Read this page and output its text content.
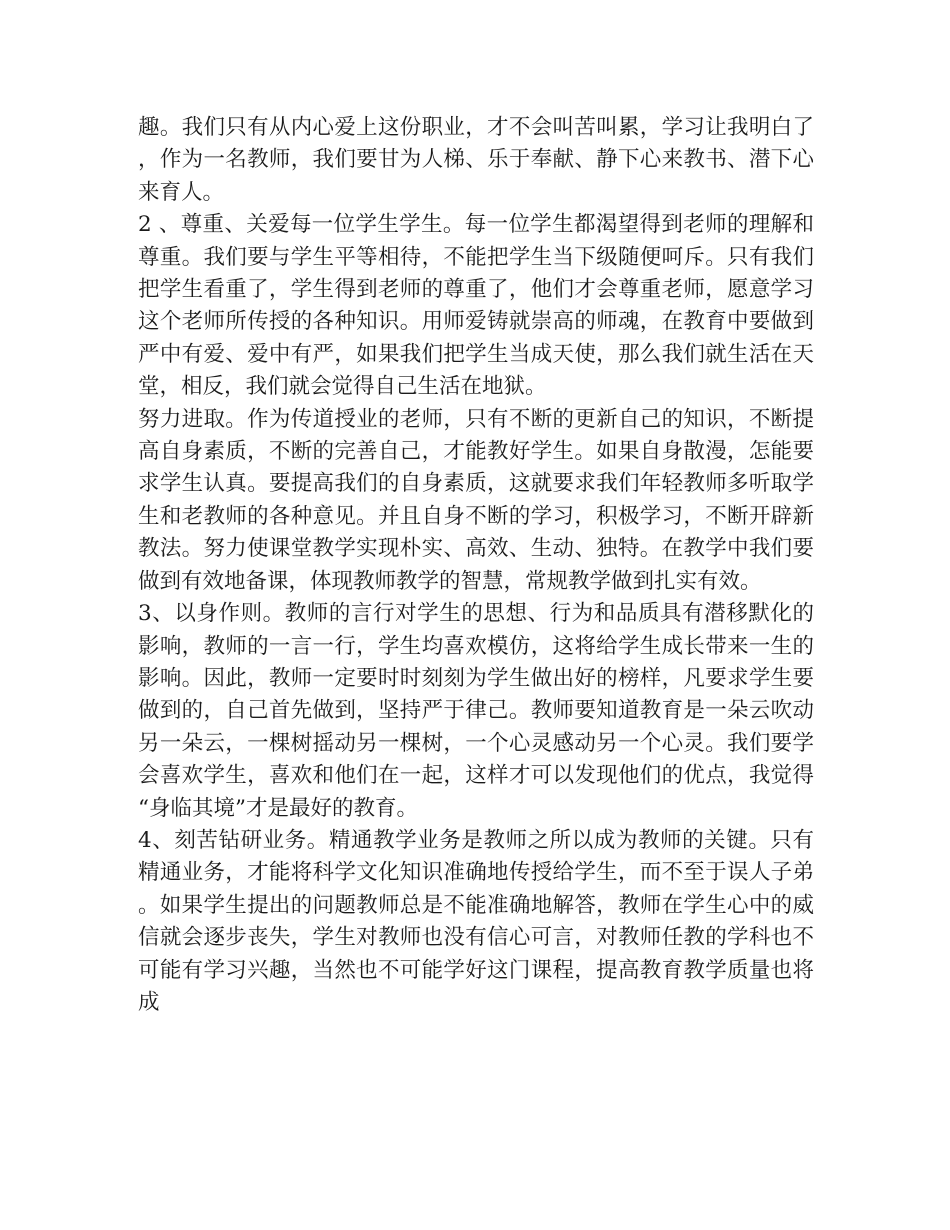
趣。我们只有从内心爱上这份职业，才不会叫苦叫累，学习让我明白了，作为一名教师，我们要甘为人梯、乐于奉献、静下心来教书、潜下心来育人。

2 、尊重、关爱每一位学生学生。每一位学生都渴望得到老师的理解和尊重。我们要与学生平等相待，不能把学生当下级随便呵斥。只有我们把学生看重了，学生得到老师的尊重了，他们才会尊重老师，愿意学习这个老师所传授的各种知识。用师爱铸就崇高的师魂，在教育中要做到严中有爱、爱中有严，如果我们把学生当成天使，那么我们就生活在天堂，相反，我们就会觉得自己生活在地狱。

努力进取。作为传道授业的老师，只有不断的更新自己的知识，不断提高自身素质，不断的完善自己，才能教好学生。如果自身散漫，怎能要求学生认真。要提高我们的自身素质，这就要求我们年轻教师多听取学生和老教师的各种意见。并且自身不断的学习，积极学习，不断开辟新教法。努力使课堂教学实现朴实、高效、生动、独特。在教学中我们要做到有效地备课，体现教师教学的智慧，常规教学做到扎实有效。

3、以身作则。教师的言行对学生的思想、行为和品质具有潜移默化的影响，教师的一言一行，学生均喜欢模仿，这将给学生成长带来一生的影响。因此，教师一定要时时刻刻为学生做出好的榜样，凡要求学生要做到的，自己首先做到，坚持严于律己。教师要知道教育是一朵云吹动另一朵云，一棵树摇动另一棵树，一个心灵感动另一个心灵。我们要学会喜欢学生，喜欢和他们在一起，这样才可以发现他们的优点，我觉得“身临其境”才是最好的教育。

4、刻苦钻研业务。精通教学业务是教师之所以成为教师的关键。只有精通业务，才能将科学文化知识准确地传授给学生，而不至于误人子弟。如果学生提出的问题教师总是不能准确地解答，教师在学生心中的威信就会逐步丧失，学生对教师也没有信心可言，对教师任教的学科也不可能有学习兴趣，当然也不可能学好这门课程，提高教育教学质量也将成
